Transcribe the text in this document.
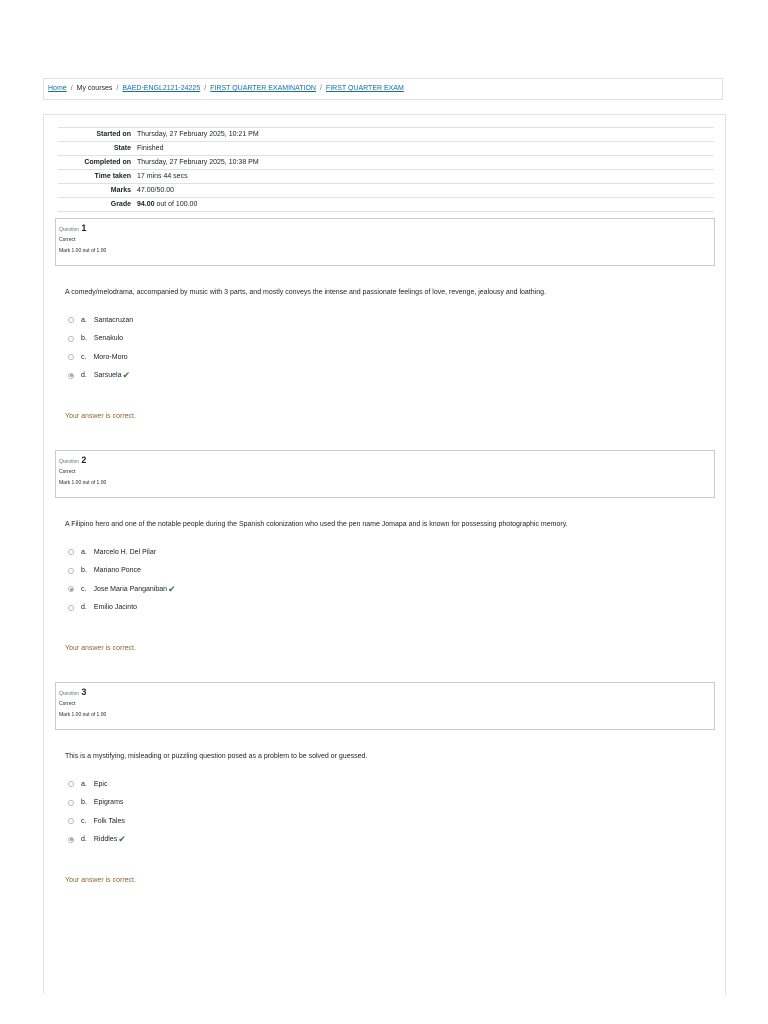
Home / My courses / BAED-ENGL2121-24225 / FIRST QUARTER EXAMINATION / FIRST QUARTER EXAM
Started on	Thursday, 27 February 2025, 10:21 PM
State	Finished
Completed on	Thursday, 27 February 2025, 10:38 PM
Time taken	17 mins 44 secs
Marks	47.00/50.00
Grade	94.00 out of 100.00
Question 1
Correct
Mark 1.00 out of 1.00
A comedy/melodrama, accompanied by music with 3 parts, and mostly conveys the intense and passionate feelings of love, revenge, jealousy and loathing.
a. Santacruzan
b. Senakulo
c. Moro-Moro
d. Sarsuela ✔
Your answer is correct.
Question 2
Correct
Mark 1.00 out of 1.00
A Filipino hero and one of the notable people during the Spanish colonization who used the pen name Jomapa and is known for possessing photographic memory.
a. Marcelo H. Del Pilar
b. Mariano Ponce
c. Jose Maria Panganiban ✔
d. Emilio Jacinto
Your answer is correct.
Question 3
Correct
Mark 1.00 out of 1.00
This is a mystifying, misleading or puzzling question posed as a problem to be solved or guessed.
a. Epic
b. Epigrams
c. Folk Tales
d. Riddles ✔
Your answer is correct.
